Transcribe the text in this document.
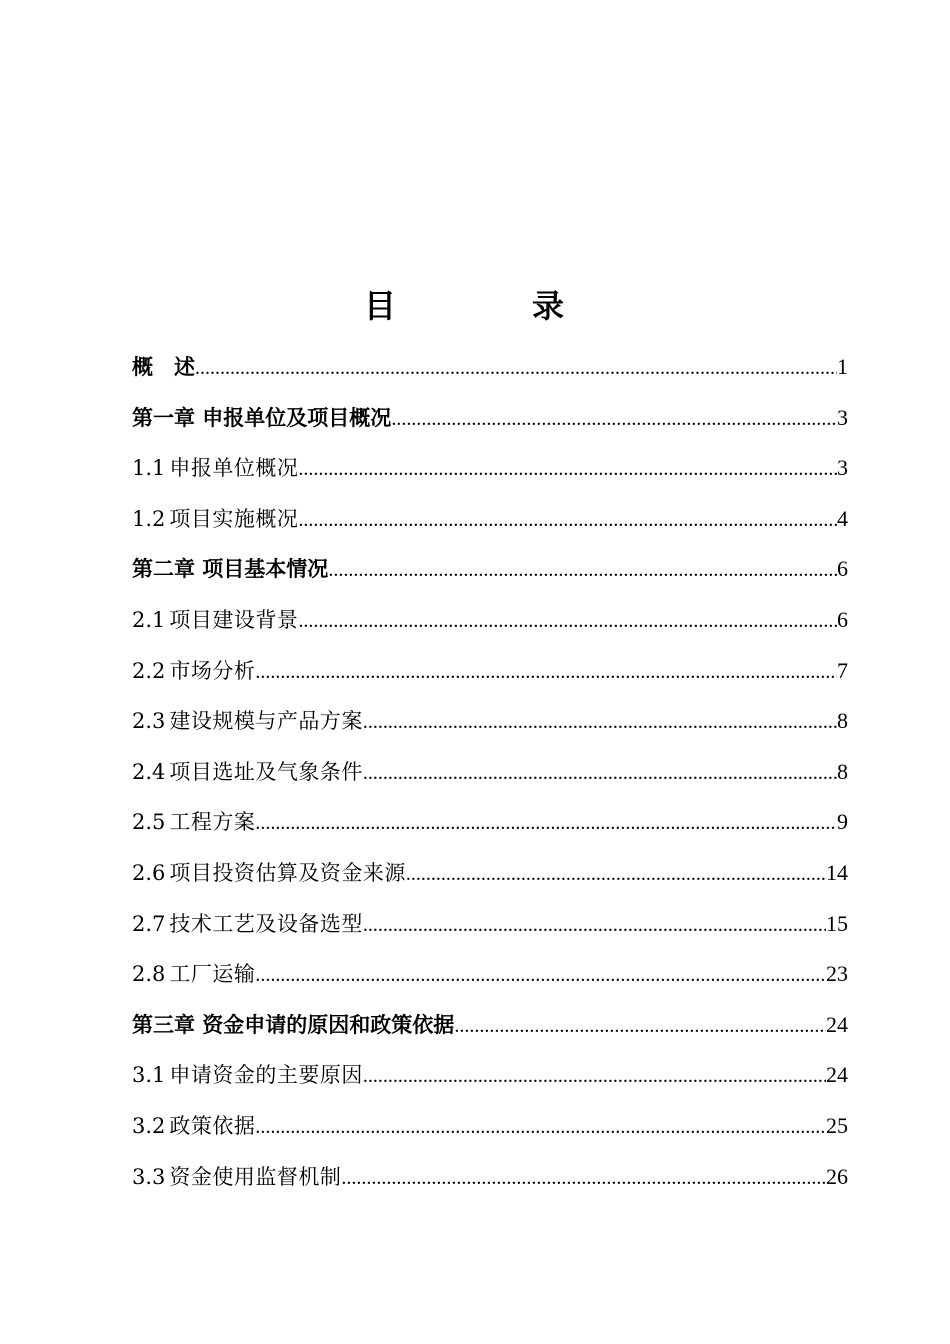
目　录
概　述 .....	1
第一章 申报单位及项目概况 .....	3
1.1 申报单位概况 .....	3
1.2 项目实施概况 .....	4
第二章 项目基本情况 .....	6
2.1 项目建设背景 .....	6
2.2 市场分析 .....	7
2.3 建设规模与产品方案 .....	8
2.4 项目选址及气象条件 .....	8
2.5 工程方案 .....	9
2.6 项目投资估算及资金来源 .....	14
2.7 技术工艺及设备选型 .....	15
2.8 工厂运输 .....	23
第三章 资金申请的原因和政策依据 .....	24
3.1 申请资金的主要原因 .....	24
3.2 政策依据 .....	25
3.3 资金使用监督机制 .....	26
